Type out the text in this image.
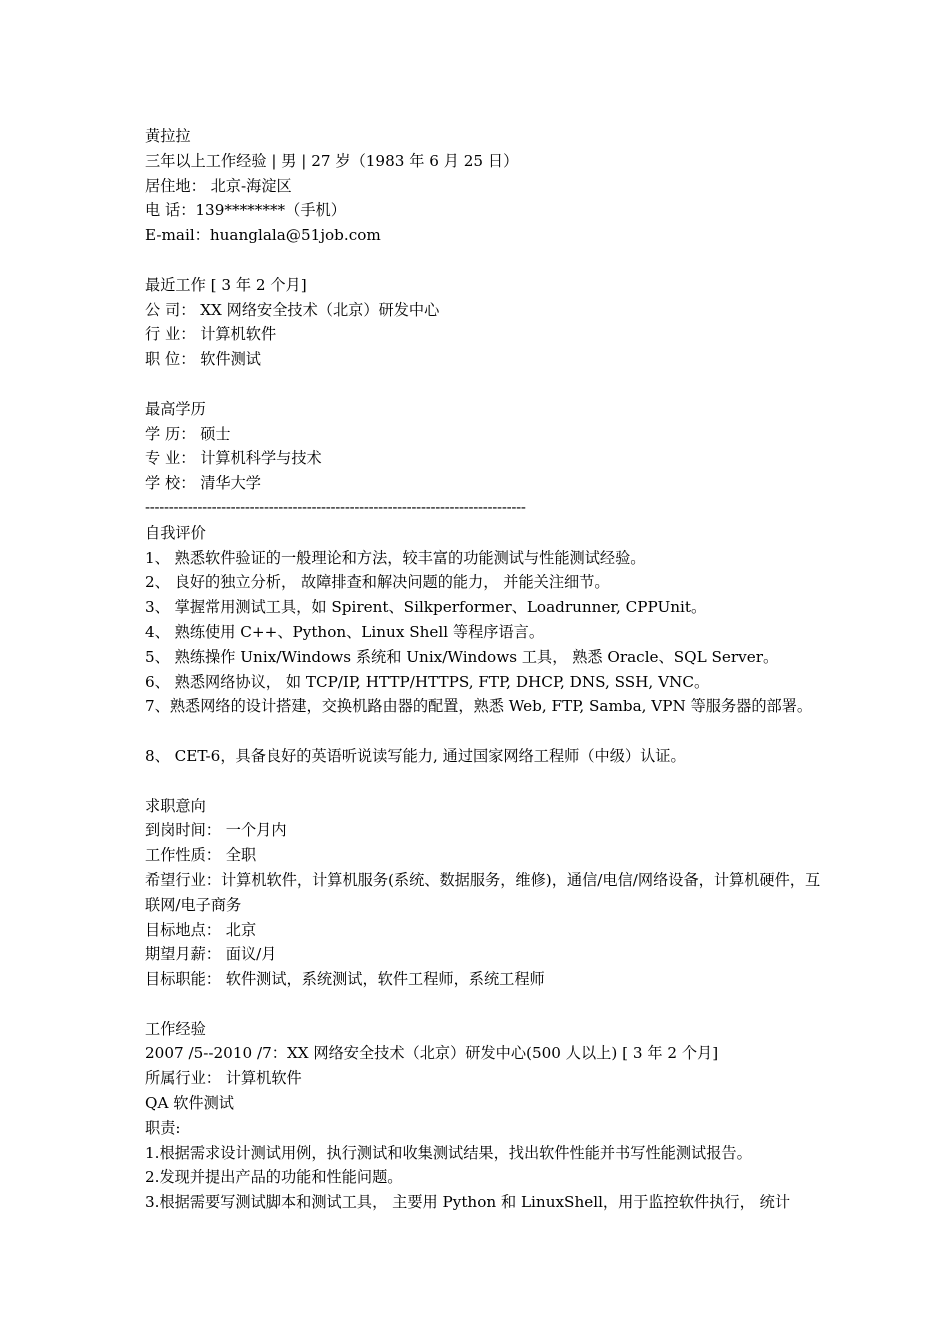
黄拉拉
三年以上工作经验 | 男 | 27 岁（1983 年 6 月 25 日）
居住地： 北京-海淀区
电 话：139********（手机）
E-mail：huanglala@51job.com
最近工作 [ 3 年 2 个月]
公 司： XX 网络安全技术（北京）研发中心
行 业： 计算机软件
职 位： 软件测试
最高学历
学 历： 硕士
专 业： 计算机科学与技术
学 校： 清华大学
--------------------------------------------------------------------------------
自我评价
1、 熟悉软件验证的一般理论和方法，较丰富的功能测试与性能测试经验。
2、 良好的独立分析， 故障排查和解决问题的能力， 并能关注细节。
3、 掌握常用测试工具，如 Spirent、Silkperformer、Loadrunner, CPPUnit。
4、 熟练使用 C++、Python、Linux Shell 等程序语言。
5、 熟练操作 Unix/Windows 系统和 Unix/Windows 工具， 熟悉 Oracle、SQL Server。
6、 熟悉网络协议， 如 TCP/IP, HTTP/HTTPS, FTP, DHCP, DNS, SSH, VNC。
7、熟悉网络的设计搭建，交换机路由器的配置，熟悉 Web, FTP, Samba, VPN 等服务器的部署。
8、 CET-6，具备良好的英语听说读写能力, 通过国家网络工程师（中级）认证。
求职意向
到岗时间： 一个月内
工作性质： 全职
希望行业：计算机软件，计算机服务(系统、数据服务，维修)，通信/电信/网络设备，计算机硬件，互联网/电子商务
目标地点： 北京
期望月薪： 面议/月
目标职能： 软件测试，系统测试，软件工程师，系统工程师
工作经验
2007 /5--2010 /7：XX 网络安全技术（北京）研发中心(500 人以上) [ 3 年 2 个月]
所属行业： 计算机软件
QA 软件测试
职责:
1.根据需求设计测试用例，执行测试和收集测试结果，找出软件性能并书写性能测试报告。
2.发现并提出产品的功能和性能问题。
3.根据需要写测试脚本和测试工具， 主要用 Python 和 LinuxShell，用于监控软件执行， 统计
